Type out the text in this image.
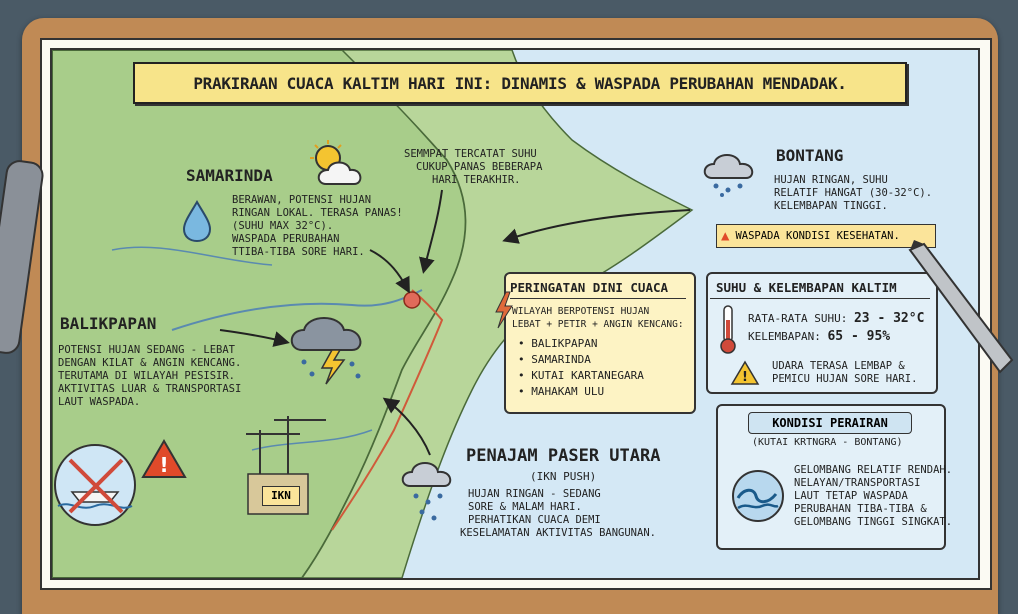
PRAKIRAAN CUACA KALTIM HARI INI: DINAMIS & WASPADA PERUBAHAN MENDADAK.
SAMARINDA
BERAWAN, POTENSI HUJAN
RINGAN LOKAL. TERASA PANAS!
(SUHU MAX 32°C).
WASPADA PERUBAHAN
TTIBA-TIBA SORE HARI.
SEMMPAT TERCATAT SUHU
CUKUP PANAS BEBERAPA
HARI TERAKHIR.
BONTANG
HUJAN RINGAN, SUHU
RELATIF HANGAT (30-32°C).
KELEMBAPAN TINGGI.
▲ WASPADA KONDISI KESEHATAN.
BALIKPAPAN
POTENSI HUJAN SEDANG - LEBAT
DENGAN KILAT & ANGIN KENCANG.
TERUTAMA DI WILAYAH PESISIR.
AKTIVITAS LUAR & TRANSPORTASI
LAUT WASPADA.
!
IKN
PERINGATAN DINI CUACA
WILAYAH BERPOTENSI HUJAN
LEBAT + PETIR + ANGIN KENCANG:
• BALIKPAPAN
• SAMARINDA
• KUTAI KARTANEGARA
• MAHAKAM ULU
SUHU & KELEMBAPAN KALTIM
RATA-RATA SUHU: 23 - 32°C
KELEMBAPAN: 65 - 95%
!
UDARA TERASA LEMBAP &
PEMICU HUJAN SORE HARI.
KONDISI PERAIRAN
(KUTAI KRTNGRA - BONTANG)
GELOMBANG RELATIF RENDAH.
NELAYAN/TRANSPORTASI
LAUT TETAP WASPADA
PERUBAHAN TIBA-TIBA &
GELOMBANG TINGGI SINGKAT.
PENAJAM PASER UTARA
(IKN PUSH)
HUJAN RINGAN - SEDANG
SORE & MALAM HARI.
PERHATIKAN CUACA DEMI
KESELAMATAN AKTIVITAS BANGUNAN.
